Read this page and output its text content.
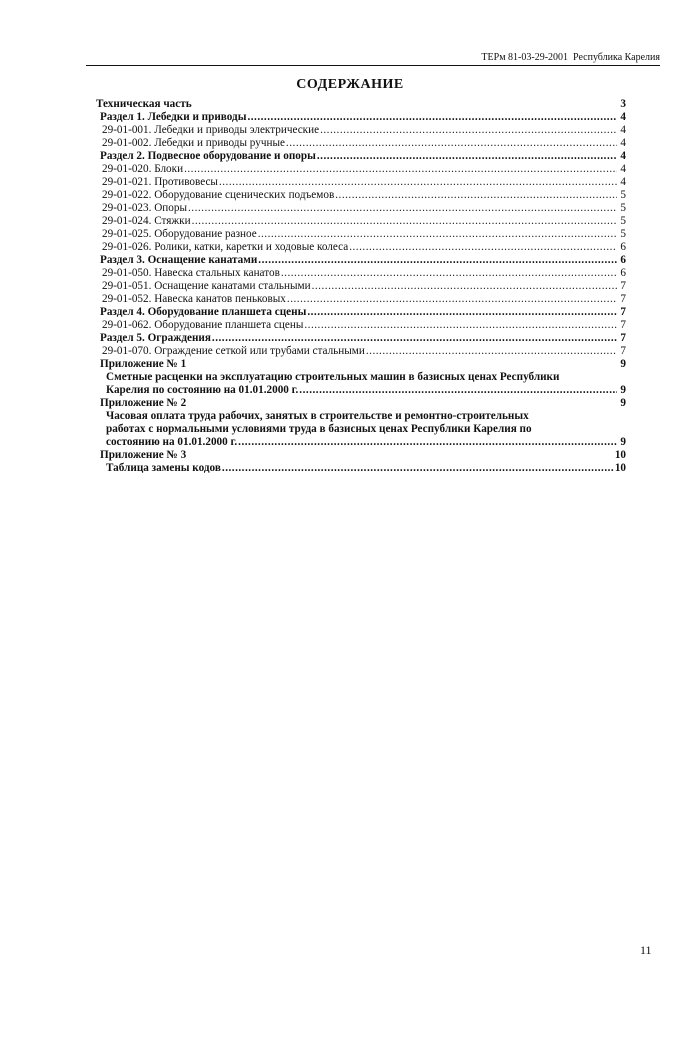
ТЕРм 81-03-29-2001 Республика Карелия
СОДЕРЖАНИЕ
Техническая часть	3
Раздел 1. Лебедки и приводы .....	4
29-01-001. Лебедки и приводы электрические .....	4
29-01-002. Лебедки и приводы ручные .....	4
Раздел 2. Подвесное оборудование и опоры .....	4
29-01-020. Блоки .....	4
29-01-021. Противовесы .....	4
29-01-022. Оборудование сценических подъемов .....	5
29-01-023. Опоры .....	5
29-01-024. Стяжки .....	5
29-01-025. Оборудование разное .....	5
29-01-026. Ролики, катки, каретки и ходовые колеса .....	6
Раздел 3. Оснащение канатами .....	6
29-01-050. Навеска стальных канатов .....	6
29-01-051. Оснащение канатами стальными .....	7
29-01-052. Навеска канатов пеньковых .....	7
Раздел 4. Оборудование планшета сцены .....	7
29-01-062. Оборудование планшета сцены .....	7
Раздел 5. Ограждения .....	7
29-01-070. Ограждение сеткой или трубами стальными .....	7
Приложение № 1	9
Сметные расценки на эксплуатацию строительных машин в базисных ценах Республики
Карелия по состоянию на 01.01.2000 г. .....	9
Приложение № 2	9
Часовая оплата труда рабочих, занятых в строительстве и ремонтно-строительных
работах с нормальными условиями труда в базисных ценах Республики Карелия по
состоянию на 01.01.2000 г. .....	9
Приложение № 3	10
Таблица замены кодов .....	10
11
